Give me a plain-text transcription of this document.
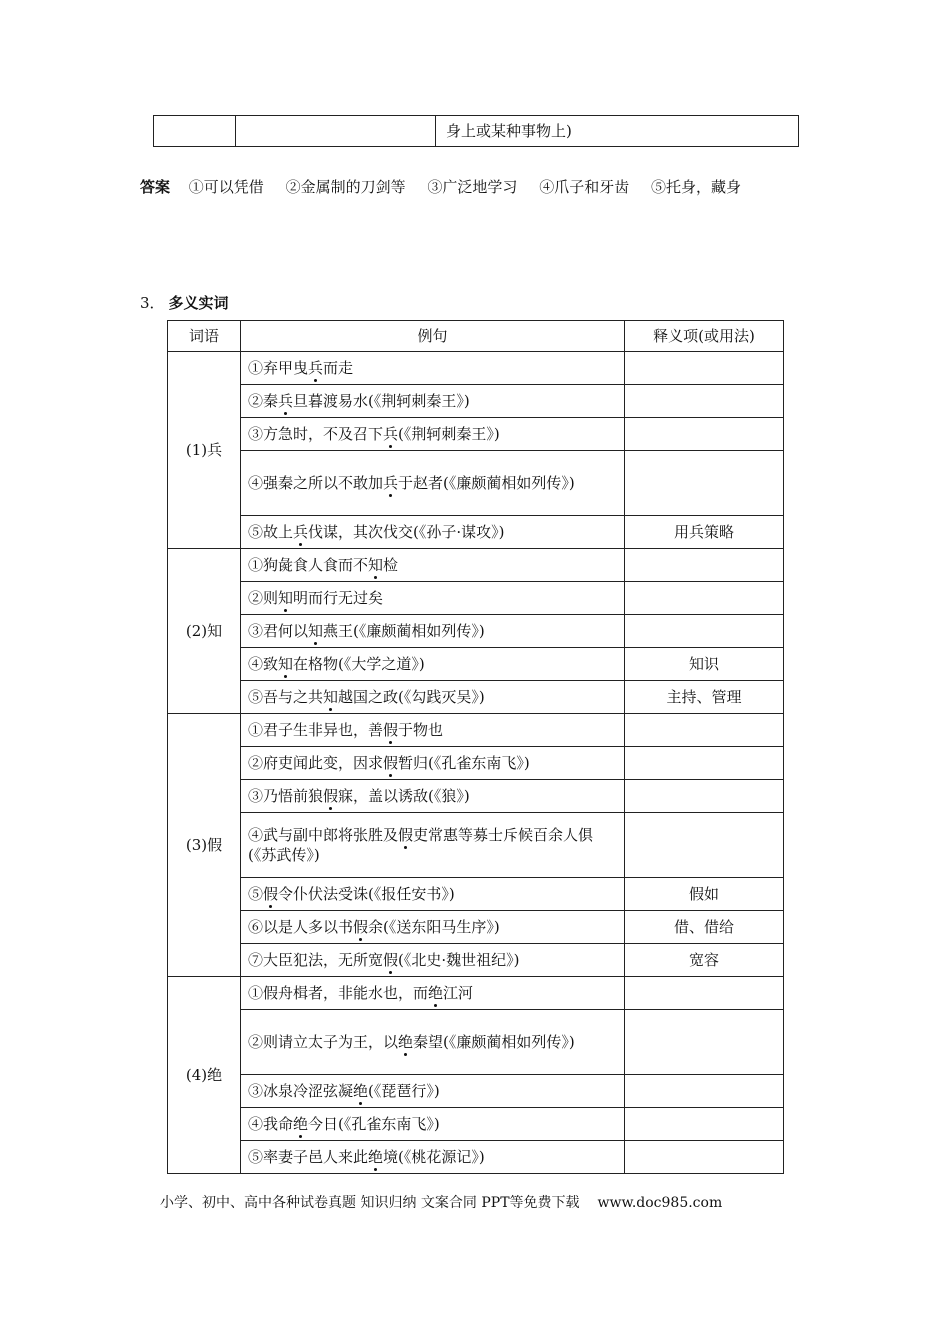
		身上或某种事物上)
答案 ①可以凭借 ②金属制的刀剑等 ③广泛地学习 ④爪子和牙齿 ⑤托身，藏身
3． 多义实词
词语	例句	释义项(或用法)
(1)兵	①弃甲曳兵而走	
	②秦兵旦暮渡易水(《荆轲刺秦王》)	
	③方急时，不及召下兵(《荆轲刺秦王》)	
	④强秦之所以不敢加兵于赵者(《廉颇蔺相如列传》)	
	⑤故上兵伐谋，其次伐交(《孙子·谋攻》)	用兵策略
(2)知	①狗彘食人食而不知检	
	②则知明而行无过矣	
	③君何以知燕王(《廉颇蔺相如列传》)	
	④致知在格物(《大学之道》)	知识
	⑤吾与之共知越国之政(《勾践灭吴》)	主持、管理
(3)假	①君子生非异也，善假于物也	
	②府吏闻此变，因求假暂归(《孔雀东南飞》)	
	③乃悟前狼假寐，盖以诱敌(《狼》)	
	④武与副中郎将张胜及假吏常惠等募士斥候百余人俱(《苏武传》)	
	⑤假令仆伏法受诛(《报任安书》)	假如
	⑥以是人多以书假余(《送东阳马生序》)	借、借给
	⑦大臣犯法，无所宽假(《北史·魏世祖纪》)	宽容
(4)绝	①假舟楫者，非能水也，而绝江河	
	②则请立太子为王，以绝秦望(《廉颇蔺相如列传》)	
	③冰泉冷涩弦凝绝(《琵琶行》)	
	④我命绝今日(《孔雀东南飞》)	
	⑤率妻子邑人来此绝境(《桃花源记》)	
小学、初中、高中各种试卷真题 知识归纳 文案合同 PPT等免费下载 www.doc985.com
